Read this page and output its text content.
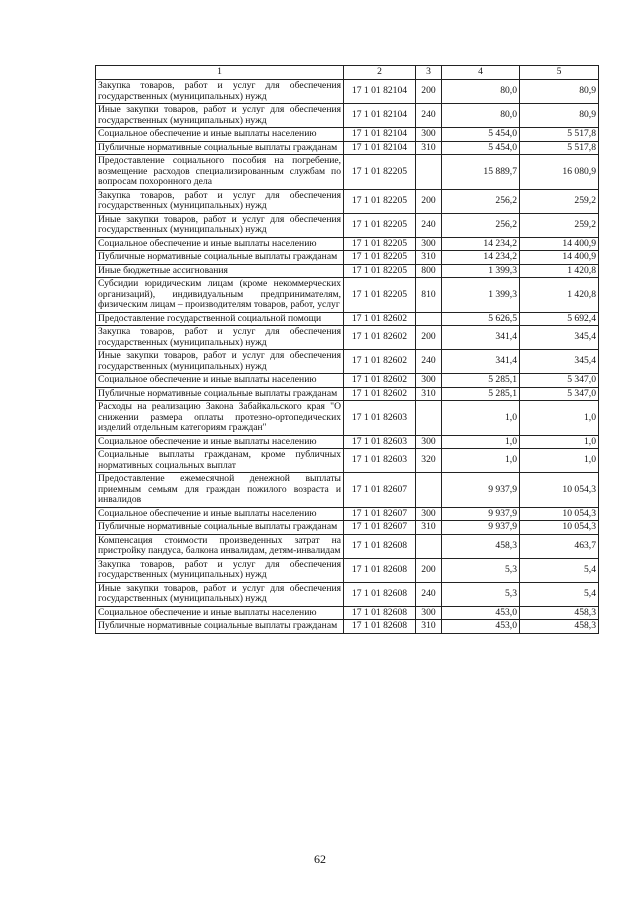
1	2	3	4	5
Закупка товаров, работ и услуг для обеспечения государственных (муниципальных) нужд	17 1 01 82104	200	80,0	80,9
Иные закупки товаров, работ и услуг для обеспечения государственных (муниципальных) нужд	17 1 01 82104	240	80,0	80,9
Социальное обеспечение и иные выплаты населению	17 1 01 82104	300	5 454,0	5 517,8
Публичные нормативные социальные выплаты гражданам	17 1 01 82104	310	5 454,0	5 517,8
Предоставление социального пособия на погребение, возмещение расходов специализированным службам по вопросам похоронного дела	17 1 01 82205		15 889,7	16 080,9
Закупка товаров, работ и услуг для обеспечения государственных (муниципальных) нужд	17 1 01 82205	200	256,2	259,2
Иные закупки товаров, работ и услуг для обеспечения государственных (муниципальных) нужд	17 1 01 82205	240	256,2	259,2
Социальное обеспечение и иные выплаты населению	17 1 01 82205	300	14 234,2	14 400,9
Публичные нормативные социальные выплаты гражданам	17 1 01 82205	310	14 234,2	14 400,9
Иные бюджетные ассигнования	17 1 01 82205	800	1 399,3	1 420,8
Субсидии юридическим лицам (кроме некоммерческих организаций), индивидуальным предпринимателям, физическим лицам – производителям товаров, работ, услуг	17 1 01 82205	810	1 399,3	1 420,8
Предоставление государственной социальной помощи	17 1 01 82602		5 626,5	5 692,4
Закупка товаров, работ и услуг для обеспечения государственных (муниципальных) нужд	17 1 01 82602	200	341,4	345,4
Иные закупки товаров, работ и услуг для обеспечения государственных (муниципальных) нужд	17 1 01 82602	240	341,4	345,4
Социальное обеспечение и иные выплаты населению	17 1 01 82602	300	5 285,1	5 347,0
Публичные нормативные социальные выплаты гражданам	17 1 01 82602	310	5 285,1	5 347,0
Расходы на реализацию Закона Забайкальского края "О снижении размера оплаты протезно-ортопедических изделий отдельным категориям граждан"	17 1 01 82603		1,0	1,0
Социальное обеспечение и иные выплаты населению	17 1 01 82603	300	1,0	1,0
Социальные выплаты гражданам, кроме публичных нормативных социальных выплат	17 1 01 82603	320	1,0	1,0
Предоставление ежемесячной денежной выплаты приемным семьям для граждан пожилого возраста и инвалидов	17 1 01 82607		9 937,9	10 054,3
Социальное обеспечение и иные выплаты населению	17 1 01 82607	300	9 937,9	10 054,3
Публичные нормативные социальные выплаты гражданам	17 1 01 82607	310	9 937,9	10 054,3
Компенсация стоимости произведенных затрат на пристройку пандуса, балкона инвалидам, детям-инвалидам	17 1 01 82608		458,3	463,7
Закупка товаров, работ и услуг для обеспечения государственных (муниципальных) нужд	17 1 01 82608	200	5,3	5,4
Иные закупки товаров, работ и услуг для обеспечения государственных (муниципальных) нужд	17 1 01 82608	240	5,3	5,4
Социальное обеспечение и иные выплаты населению	17 1 01 82608	300	453,0	458,3
Публичные нормативные социальные выплаты гражданам	17 1 01 82608	310	453,0	458,3
62
